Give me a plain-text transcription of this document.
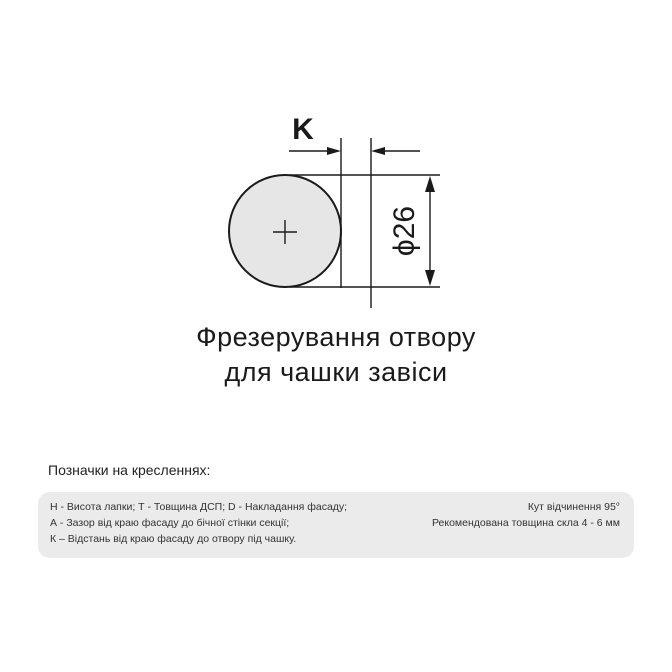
K
ϕ26
Фрезерування отвору
для чашки завіси
Позначки на кресленнях:
Н - Висота лапки; Т - Товщина ДСП; D - Накладання фасаду;
А - Зазор від краю фасаду до бічної стінки секції;
К – Відстань від краю фасаду до отвору під чашку.
Кут відчинення 95°
Рекомендована товщина скла 4 - 6 мм
